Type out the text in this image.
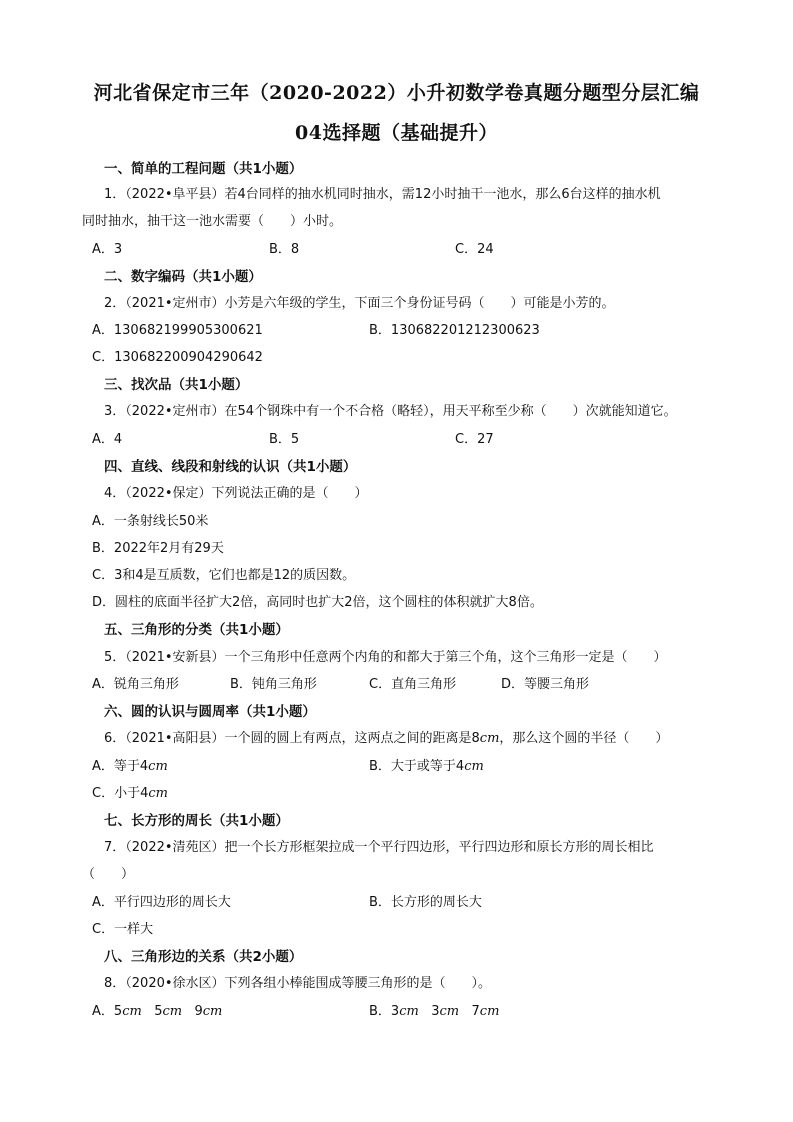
河北省保定市三年（2020-2022）小升初数学卷真题分题型分层汇编
04选择题（基础提升）
一、简单的工程问题（共1小题）
1．（2022•阜平县）若4台同样的抽水机同时抽水，需12小时抽干一池水，那么6台这样的抽水机
同时抽水，抽干这一池水需要（　　）小时。
A．3	B．8	C．24
二、数字编码（共1小题）
2．（2021•定州市）小芳是六年级的学生，下面三个身份证号码（　　）可能是小芳的。
A．130682199905300621	B．130682201212300623
C．130682200904290642
三、找次品（共1小题）
3．（2022•定州市）在54个钢珠中有一个不合格（略轻），用天平称至少称（　　）次就能知道它。
A．4	B．5	C．27
四、直线、线段和射线的认识（共1小题）
4．（2022•保定）下列说法正确的是（　　）
A．一条射线长50米
B．2022年2月有29天
C．3和4是互质数，它们也都是12的质因数。
D．圆柱的底面半径扩大2倍，高同时也扩大2倍，这个圆柱的体积就扩大8倍。
五、三角形的分类（共1小题）
5．（2021•安新县）一个三角形中任意两个内角的和都大于第三个角，这个三角形一定是（　　）
A．锐角三角形	B．钝角三角形	C．直角三角形	D．等腰三角形
六、圆的认识与圆周率（共1小题）
6．（2021•高阳县）一个圆的圆上有两点，这两点之间的距离是8cm，那么这个圆的半径（　　）
A．等于4cm	B．大于或等于4cm
C．小于4cm
七、长方形的周长（共1小题）
7．（2022•清苑区）把一个长方形框架拉成一个平行四边形，平行四边形和原长方形的周长相比
（　　）
A．平行四边形的周长大	B．长方形的周长大
C．一样大
八、三角形边的关系（共2小题）
8．（2020•徐水区）下列各组小棒能围成等腰三角形的是（　　）。
A．5cm 5cm 9cm	B．3cm 3cm 7cm
